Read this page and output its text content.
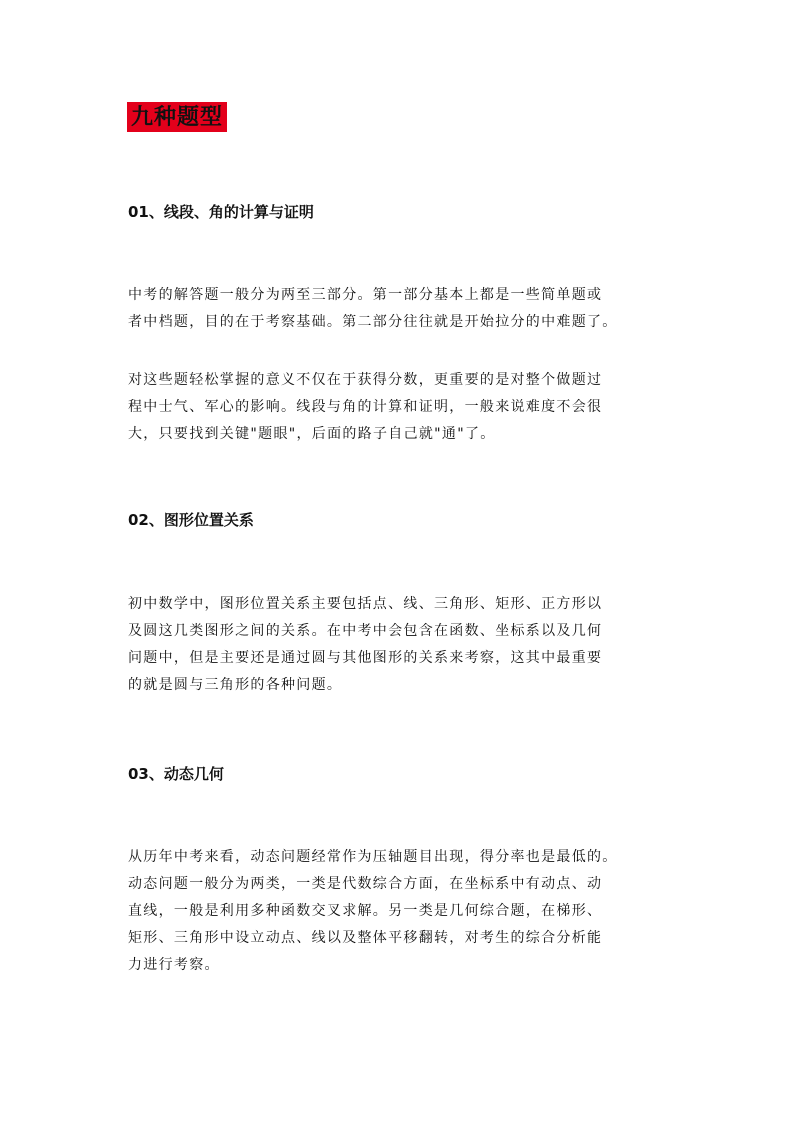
九种题型
01、线段、角的计算与证明

中考的解答题一般分为两至三部分。第一部分基本上都是一些简单题或
者中档题，目的在于考察基础。第二部分往往就是开始拉分的中难题了。

对这些题轻松掌握的意义不仅在于获得分数，更重要的是对整个做题过
程中士气、军心的影响。线段与角的计算和证明，一般来说难度不会很
大，只要找到关键"题眼"，后面的路子自己就"通"了。

02、图形位置关系

初中数学中，图形位置关系主要包括点、线、三角形、矩形、正方形以
及圆这几类图形之间的关系。在中考中会包含在函数、坐标系以及几何
问题中，但是主要还是通过圆与其他图形的关系来考察，这其中最重要
的就是圆与三角形的各种问题。

03、动态几何

从历年中考来看，动态问题经常作为压轴题目出现，得分率也是最低的。
动态问题一般分为两类，一类是代数综合方面，在坐标系中有动点、动
直线，一般是利用多种函数交叉求解。另一类是几何综合题，在梯形、
矩形、三角形中设立动点、线以及整体平移翻转，对考生的综合分析能
力进行考察。
